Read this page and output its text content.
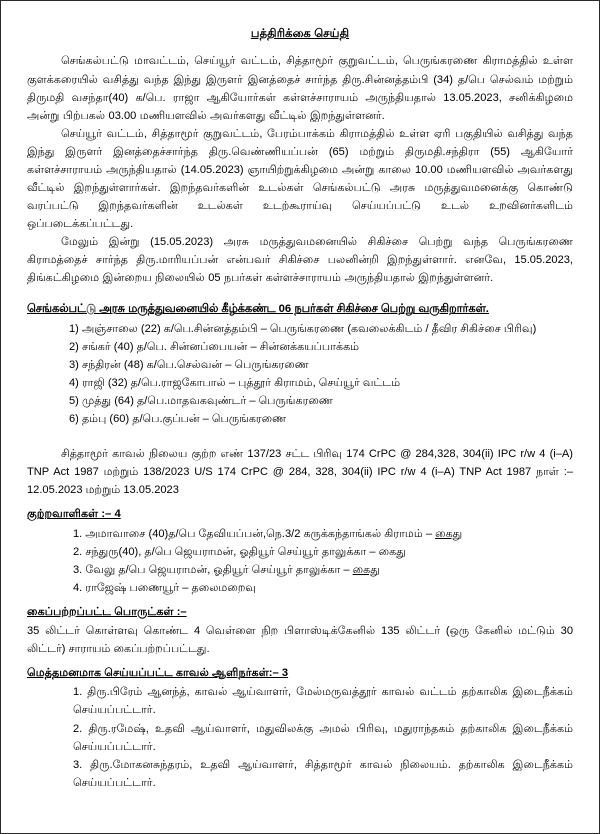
பத்திரிக்கை செய்தி

செங்கல்பட்டு மாவட்டம், செய்யூர் வட்டம், சித்தாமூர் குறுவட்டம், பெருங்கரணை கிராமத்தில் உள்ள குளக்கரையில் வசித்து வந்த இந்து இருளர் இனத்தைச் சார்ந்த திரு.சின்னத்தம்பி (34) த/பெ செல்வம் மற்றும் திருமதி வசந்தா(40) க/பெ. ராஜா ஆகியோர்கள் கள்ளச்சாராயம் அருந்தியதால் 13.05.2023, சனிக்கிழமை அன்று பிற்பகல் 03.00 மணியளவில் அவர்களது வீட்டில் இறந்துள்ளனர்.

செய்யூர் வட்டம், சித்தாமூர் குறுவட்டம், பேரம்பாக்கம் கிராமத்தில் உள்ள ஏரி பகுதியில் வசித்து வந்த இந்து இருளர் இனத்தைச்சார்ந்த திரு.வெண்ணியப்பன் (65) மற்றும் திருமதி.சந்திரா (55) ஆகியோர் கள்ளச்சாராயம் அருந்தியதால் (14.05.2023) ஞாயிற்றுக்கிழமை அன்று காலை 10.00 மணியளவில் அவர்களது வீட்டில் இறந்துள்ளார்கள். இறந்தவர்களின் உடல்கள் செங்கல்பட்டு அரசு மருத்துவமனைக்கு கொண்டு வரப்பட்டு இறந்தவர்களின் உடல்கள் உடற்கூராய்வு செய்யப்பட்டு உடல் உறவினர்களிடம் ஒப்படைக்கப்பட்டது.

மேலும் இன்று (15.05.2023) அரசு மருத்துவமனையில் சிகிச்சை பெற்று வந்த பெருங்கரணை கிராமத்தைச் சார்ந்த திரு.மாரியப்பன் என்பவர் சிகிச்சை பலனின்றி இறந்துள்ளார். எனவே, 15.05.2023, திங்கட்கிழமை இன்றைய நிலையில் 05 நபர்கள் கள்ளச்சாராயம் அருந்தியதால் இறந்துள்ளனர்.

செங்கல்பட்டு அரசு மருத்துவனையில் கீழ்க்கண்ட 06 நபர்கள் சிகிச்சை பெற்று வருகிறார்கள்.
1) அஞ்சாலை (22) க/பெ.சின்னத்தம்பி – பெருங்கரணை (கவலைக்கிடம் / தீவிர சிகிச்சை பிரிவு)
2) சங்கர் (40) த/பெ. சின்னப்பையன் – சின்னக்கயப்பாக்கம்
3) சந்திரன் (48) க/பெ.செல்வன் – பெருங்கரணை
4) ராஜி (32) த/பெ.ராஜகோபால் – புத்தூர் கிராமம், செய்யூர் வட்டம்
5) முத்து (64) த/பெ.மாதவகவுண்டர் – பெருங்கரணை
6) தம்பு (60) த/பெ.குப்பன் – பெருங்கரணை

சித்தாமூர் காவல் நிலைய குற்ற எண் 137/23 சட்ட பிரிவு 174 CrPC @ 284,328, 304(ii) IPC r/w 4 (i–A) TNP Act 1987 மற்றும் 138/2023 U/S 174 CrPC @ 284, 328, 304(ii) IPC r/w 4 (i–A) TNP Act 1987 நாள் :– 12.05.2023 மற்றும் 13.05.2023

குற்றவாளிகள் :– 4
1. அமாவாசை (40)த/பெ தேவியப்பன்,நெ.3/2 கருக்கந்தாங்கல் கிராமம் – கைது
2. சந்துரு(40), த/பெ ஜெயராமன், ஓதியூர் செய்யூர் தாலுக்கா – கைது
3. வேலு த/பெ ஜெயராமன், ஓதியூர் செய்யூர் தாலுக்கா – கைது
4. ராஜேஷ் பணையூர் – தலைமறைவு
கைப்பற்றப்பட்ட பொருட்கள் :–

35 லிட்டர் கொள்ளவு கொண்ட 4 வெள்ளை நிற பிளாஸ்டிக்கேனில் 135 லிட்டர் (ஒரு கேனில் மட்டும் 30 லிட்டர்) சாராயம் கைப்பற்றப்பட்டது.

மெத்தமனமாக செய்யப்பட்ட காவல் ஆளிநர்கள்:– 3
1. திரு.பிரேம் ஆனந்த், காவல் ஆய்வாளர், மேல்மருவத்தூர் காவல் வட்டம் தற்காலிக இடைநீக்கம் செய்யப்பட்டார்.
2. திரு.ரமேஷ், உதவி ஆய்வாளர், மதுவிலக்கு அமல் பிரிவு, மதுராந்தகம் தற்காலிக இடைநீக்கம் செய்யப்பட்டார்.
3. திரு.மோகனசுந்தரம், உதவி ஆய்வாளர், சித்தாமூர் காவல் நிலையம். தற்காலிக இடைநீக்கம் செய்யப்பட்டார்.
